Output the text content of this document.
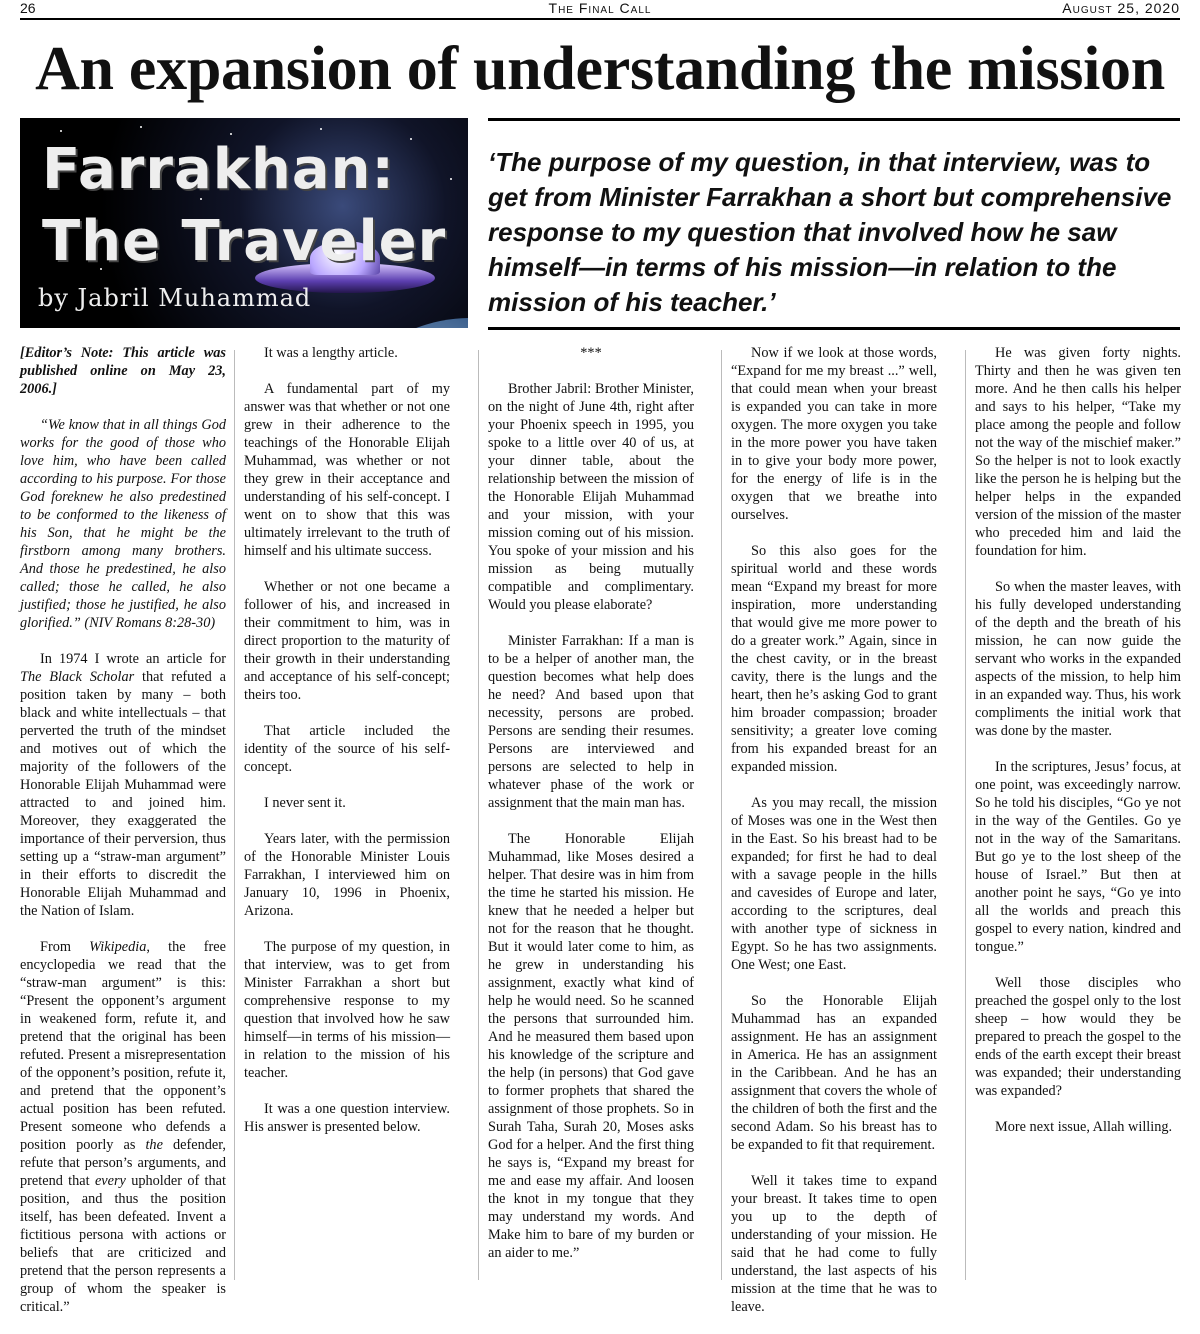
26	The Final Call	August 25, 2020
An expansion of understanding the mission
Farrakhan:
The Traveler
by Jabril Muhammad

‘The purpose of my question, in that interview, was to get from Minister Farrakhan a short but comprehensive response to my question that involved how he saw himself—in terms of his mission—in relation to the mission of his teacher.’

[Editor’s Note: This article was published online on May 23, 2006.]

“We know that in all things God works for the good of those who love him, who have been called according to his purpose. For those God foreknew he also predestined to be conformed to the likeness of his Son, that he might be the firstborn among many brothers. And those he predestined, he also called; those he called, he also justified; those he justified, he also glorified.” (NIV Romans 8:28-30)

In 1974 I wrote an article for The Black Scholar that refuted a position taken by many – both black and white intellectuals – that perverted the truth of the mindset and motives out of which the majority of the followers of the Honorable Elijah Muhammad were attracted to and joined him. Moreover, they exaggerated the importance of their perversion, thus setting up a “straw-man argument” in their efforts to discredit the Honorable Elijah Muhammad and the Nation of Islam.

From Wikipedia, the free encyclopedia we read that the “straw-man argument” is this: “Present the opponent’s argument in weakened form, refute it, and pretend that the original has been refuted. Present a misrepresentation of the opponent’s position, refute it, and pretend that the opponent’s actual position has been refuted. Present someone who defends a position poorly as the defender, refute that person’s arguments, and pretend that every upholder of that position, and thus the position itself, has been defeated. Invent a fictitious persona with actions or beliefs that are criticized and pretend that the person represents a group of whom the speaker is critical.”

***

Brother Jabril: Brother Minister, on the night of June 4th, right after your Phoenix speech in 1995, you spoke to a little over 40 of us, at your dinner table, about the relationship between the mission of the Honorable Elijah Muhammad and your mission, with your mission coming out of his mission. You spoke of your mission and his mission as being mutually compatible and complimentary. Would you please elaborate?

Minister Farrakhan: If a man is to be a helper of another man, the question becomes what help does he need? And based upon that necessity, persons are probed. Persons are sending their resumes. Persons are interviewed and persons are selected to help in whatever phase of the work or assignment that the main man has.

The Honorable Elijah Muhammad, like Moses desired a helper. That desire was in him from the time he started his mission. He knew that he needed a helper but not for the reason that he thought. But it would later come to him, as he grew in understanding his assignment, exactly what kind of help he would need. So he scanned the persons that surrounded him. And he measured them based upon his knowledge of the scripture and the help (in persons) that God gave to former prophets that shared the assignment of those prophets. So in Surah Taha, Surah 20, Moses asks God for a helper. And the first thing he says is, “Expand my breast for me and ease my affair. And loosen the knot in my tongue that they may understand my words. And Make him to bare of my burden or an aider to me.”

Now if we look at those words, “Expand for me my breast ...” well, that could mean when your breast is expanded you can take in more oxygen. The more oxygen you take in the more power you have taken in to give your body more power, for the energy of life is in the oxygen that we breathe into ourselves.

So this also goes for the spiritual world and these words mean “Expand my breast for more inspiration, more understanding that would give me more power to do a greater work.” Again, since in the chest cavity, or in the breast cavity, there is the lungs and the heart, then he’s asking God to grant him broader compassion; broader sensitivity; a greater love coming from his expanded breast for an expanded mission.

As you may recall, the mission of Moses was one in the West then in the East. So his breast had to be expanded; for first he had to deal with a savage people in the hills and cavesides of Europe and later, according to the scriptures, deal with another type of sickness in Egypt. So he has two assignments. One West; one East.

So the Honorable Elijah Muhammad has an expanded assignment. He has an assignment in America. He has an assignment in the Caribbean. And he has an assignment that covers the whole of the children of both the first and the second Adam. So his breast has to be expanded to fit that requirement.

Well it takes time to expand your breast. It takes time to open you up to the depth of understanding of your mission. He said that he had come to fully understand, the last aspects of his mission at the time that he was to leave.

It was a lengthy article.

A fundamental part of my answer was that whether or not one grew in their adherence to the teachings of the Honorable Elijah Muhammad, was whether or not they grew in their acceptance and understanding of his self-concept. I went on to show that this was ultimately irrelevant to the truth of himself and his ultimate success.

Whether or not one became a follower of his, and increased in their commitment to him, was in direct proportion to the maturity of their growth in their understanding and acceptance of his self-concept; theirs too.

That article included the identity of the source of his self-concept.

I never sent it.

Years later, with the permission of the Honorable Minister Louis Farrakhan, I interviewed him on January 10, 1996 in Phoenix, Arizona.

The purpose of my question, in that interview, was to get from Minister Farrakhan a short but comprehensive response to my question that involved how he saw himself—in terms of his mission—in relation to the mission of his teacher.

It was a one question interview. His answer is presented below.

He was given forty nights. Thirty and then he was given ten more. And he then calls his helper and says to his helper, “Take my place among the people and follow not the way of the mischief maker.” So the helper is not to look exactly like the person he is helping but the helper helps in the expanded version of the mission of the master who preceded him and laid the foundation for him.

So when the master leaves, with his fully developed understanding of the depth and the breath of his mission, he can now guide the servant who works in the expanded aspects of the mission, to help him in an expanded way. Thus, his work compliments the initial work that was done by the master.

In the scriptures, Jesus’ focus, at one point, was exceedingly narrow. So he told his disciples, “Go ye not in the way of the Gentiles. Go ye not in the way of the Samaritans. But go ye to the lost sheep of the house of Israel.” But then at another point he says, “Go ye into all the worlds and preach this gospel to every nation, kindred and tongue.”

Well those disciples who preached the gospel only to the lost sheep – how would they be prepared to preach the gospel to the ends of the earth except their breast was expanded; their understanding was expanded?

More next issue, Allah willing.
